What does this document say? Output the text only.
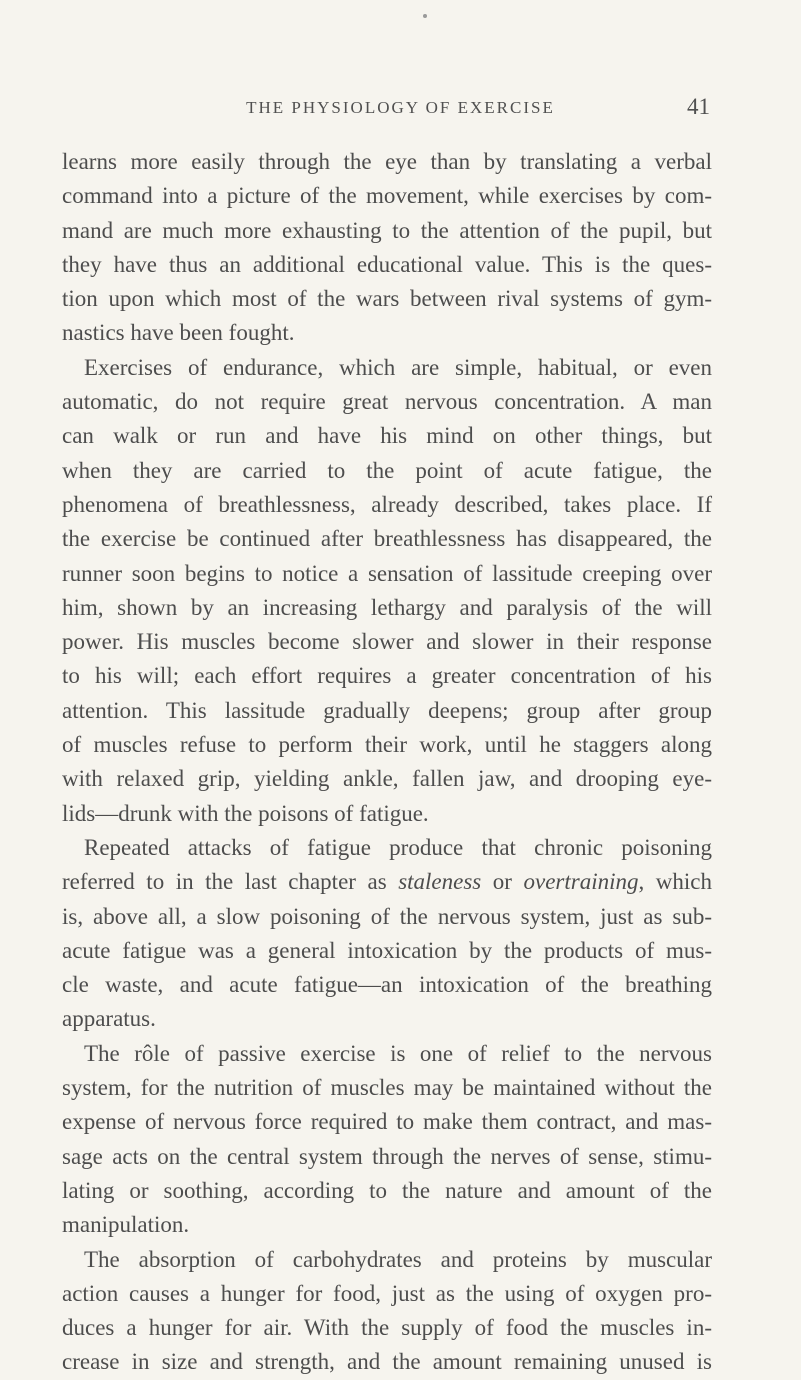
THE PHYSIOLOGY OF EXERCISE	41
learns more easily through the eye than by translating a verbal
command into a picture of the movement, while exercises by com-
mand are much more exhausting to the attention of the pupil, but
they have thus an additional educational value. This is the ques-
tion upon which most of the wars between rival systems of gym-
nastics have been fought.
Exercises of endurance, which are simple, habitual, or even
automatic, do not require great nervous concentration. A man
can walk or run and have his mind on other things, but
when they are carried to the point of acute fatigue, the
phenomena of breathlessness, already described, takes place. If
the exercise be continued after breathlessness has disappeared, the
runner soon begins to notice a sensation of lassitude creeping over
him, shown by an increasing lethargy and paralysis of the will
power. His muscles become slower and slower in their response
to his will; each effort requires a greater concentration of his
attention. This lassitude gradually deepens; group after group
of muscles refuse to perform their work, until he staggers along
with relaxed grip, yielding ankle, fallen jaw, and drooping eye-
lids—drunk with the poisons of fatigue.
Repeated attacks of fatigue produce that chronic poisoning
referred to in the last chapter as staleness or overtraining, which
is, above all, a slow poisoning of the nervous system, just as sub-
acute fatigue was a general intoxication by the products of mus-
cle waste, and acute fatigue—an intoxication of the breathing
apparatus.
The rôle of passive exercise is one of relief to the nervous
system, for the nutrition of muscles may be maintained without the
expense of nervous force required to make them contract, and mas-
sage acts on the central system through the nerves of sense, stimu-
lating or soothing, according to the nature and amount of the
manipulation.
The absorption of carbohydrates and proteins by muscular
action causes a hunger for food, just as the using of oxygen pro-
duces a hunger for air. With the supply of food the muscles in-
crease in size and strength, and the amount remaining unused is
